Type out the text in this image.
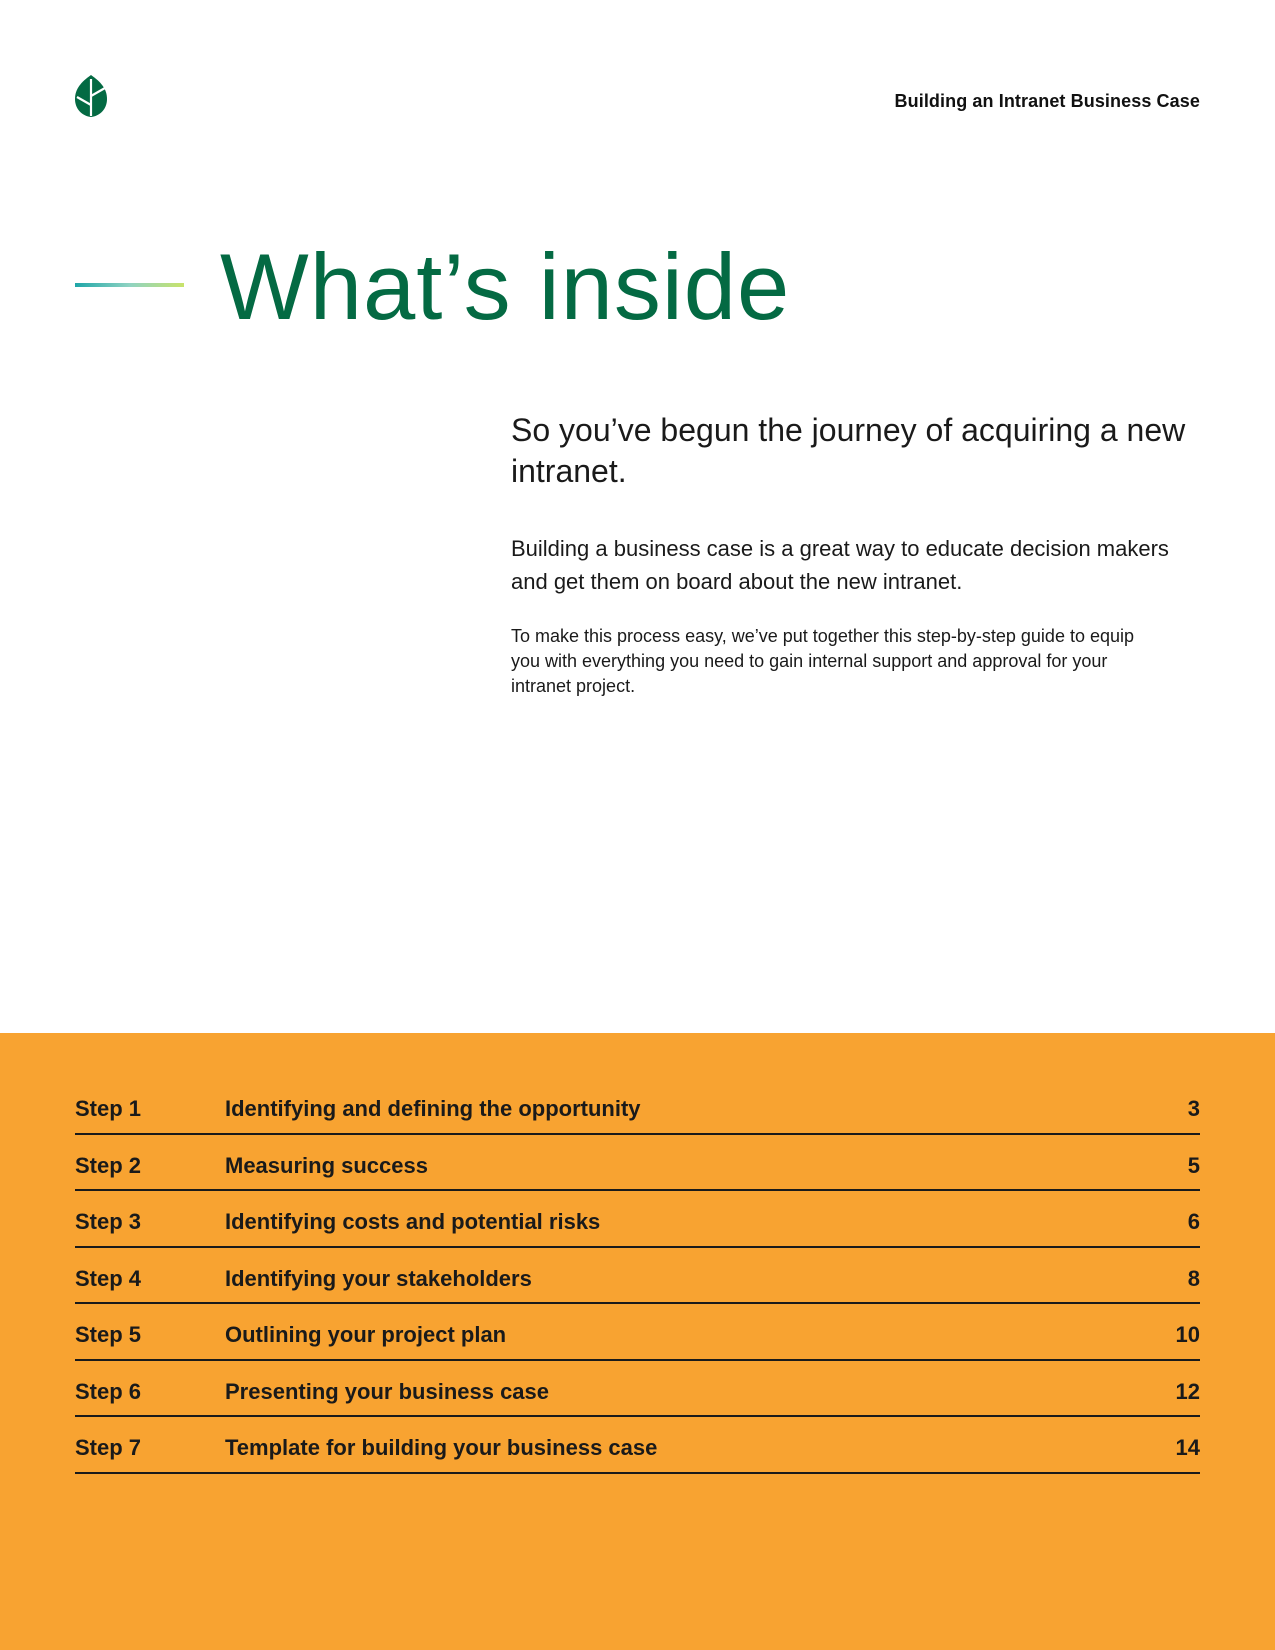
Building an Intranet Business Case
What’s inside

So you’ve begun the journey of acquiring a new intranet.

Building a business case is a great way to educate decision makers and get them on board about the new intranet.

To make this process easy, we’ve put together this step-by-step guide to equip you with everything you need to gain internal support and approval for your intranet project.

Step 1	Identifying and defining the opportunity	3
Step 2	Measuring success	5
Step 3	Identifying costs and potential risks	6
Step 4	Identifying your stakeholders	8
Step 5	Outlining your project plan	10
Step 6	Presenting your business case	12
Step 7	Template for building your business case	14
